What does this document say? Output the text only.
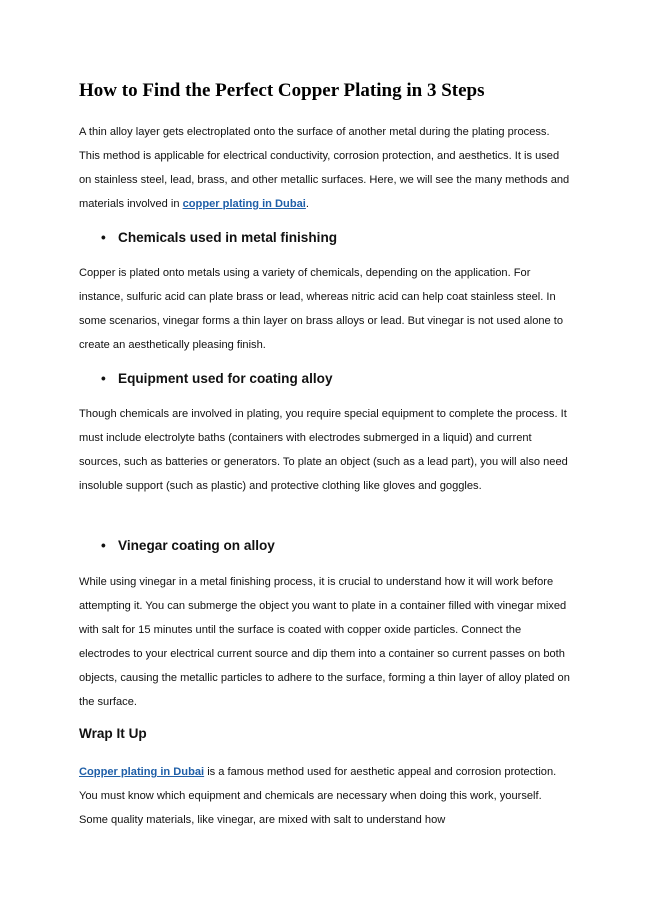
How to Find the Perfect Copper Plating in 3 Steps

A thin alloy layer gets electroplated onto the surface of another metal during the plating process. This method is applicable for electrical conductivity, corrosion protection, and aesthetics. It is used on stainless steel, lead, brass, and other metallic surfaces. Here, we will see the many methods and materials involved in copper plating in Dubai.

• Chemicals used in metal finishing

Copper is plated onto metals using a variety of chemicals, depending on the application. For instance, sulfuric acid can plate brass or lead, whereas nitric acid can help coat stainless steel. In some scenarios, vinegar forms a thin layer on brass alloys or lead. But vinegar is not used alone to create an aesthetically pleasing finish.

• Equipment used for coating alloy

Though chemicals are involved in plating, you require special equipment to complete the process. It must include electrolyte baths (containers with electrodes submerged in a liquid) and current sources, such as batteries or generators. To plate an object (such as a lead part), you will also need insoluble support (such as plastic) and protective clothing like gloves and goggles.

• Vinegar coating on alloy

While using vinegar in a metal finishing process, it is crucial to understand how it will work before attempting it. You can submerge the object you want to plate in a container filled with vinegar mixed with salt for 15 minutes until the surface is coated with copper oxide particles. Connect the electrodes to your electrical current source and dip them into a container so current passes on both objects, causing the metallic particles to adhere to the surface, forming a thin layer of alloy plated on the surface.

Wrap It Up

Copper plating in Dubai is a famous method used for aesthetic appeal and corrosion protection. You must know which equipment and chemicals are necessary when doing this work, yourself. Some quality materials, like vinegar, are mixed with salt to understand how
